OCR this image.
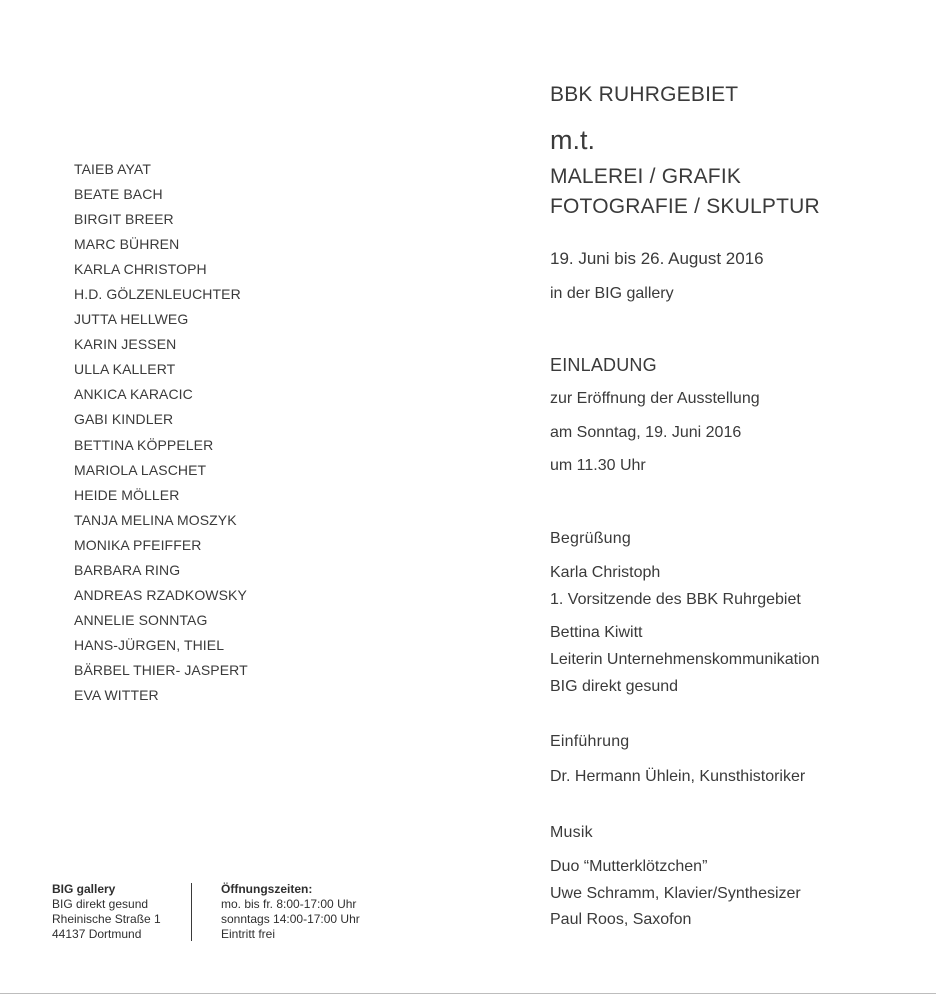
TAIEB AYAT
BEATE BACH
BIRGIT BREER
MARC BÜHREN
KARLA CHRISTOPH
H.D. GÖLZENLEUCHTER
JUTTA HELLWEG
KARIN JESSEN
ULLA KALLERT
ANKICA KARACIC
GABI KINDLER
BETTINA KÖPPELER
MARIOLA LASCHET
HEIDE MÖLLER
TANJA MELINA MOSZYK
MONIKA PFEIFFER
BARBARA RING
ANDREAS RZADKOWSKY
ANNELIE SONNTAG
HANS-JÜRGEN, THIEL
BÄRBEL THIER- JASPERT
EVA WITTER
BBK RUHRGEBIET
m.t.
MALEREI / GRAFIK
FOTOGRAFIE / SKULPTUR
19. Juni bis 26. August 2016
in der BIG gallery
EINLADUNG
zur Eröffnung der Ausstellung
am Sonntag, 19. Juni 2016
um 11.30 Uhr
Begrüßung
Karla Christoph
1. Vorsitzende des BBK Ruhrgebiet
Bettina Kiwitt
Leiterin Unternehmenskommunikation
BIG direkt gesund
Einführung
Dr. Hermann Ühlein, Kunsthistoriker
Musik
Duo “Mutterklötzchen”
Uwe Schramm, Klavier/Synthesizer
Paul Roos, Saxofon
BIG gallery
BIG direkt gesund
Rheinische Straße 1
44137 Dortmund
Öffnungszeiten:
mo. bis fr. 8:00-17:00 Uhr
sonntags 14:00-17:00 Uhr
Eintritt frei
